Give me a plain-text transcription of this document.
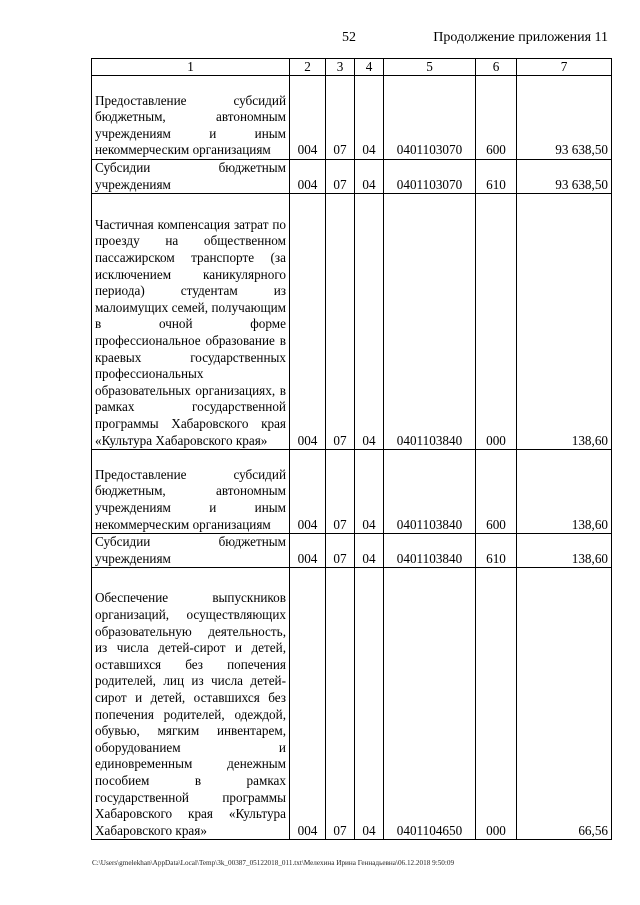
52	Продолжение приложения 11
1	2	3	4	5	6	7
Предоставление субсидий бюджетным, автономным учреждениям и иным некоммерческим организациям	004	07	04	0401103070	600	93 638,50
Субсидии бюджетным учреждениям	004	07	04	0401103070	610	93 638,50
Частичная компенсация затрат по проезду на общественном пассажирском транспорте (за исключением каникулярного периода) студентам из малоимущих семей, получающим в очной форме профессиональное образование в краевых государственных профессиональных образовательных организациях, в рамках государственной программы Хабаровского края «Культура Хабаровского края»	004	07	04	0401103840	000	138,60
Предоставление субсидий бюджетным, автономным учреждениям и иным некоммерческим организациям	004	07	04	0401103840	600	138,60
Субсидии бюджетным учреждениям	004	07	04	0401103840	610	138,60
Обеспечение выпускников организаций, осуществляющих образовательную деятельность, из числа детей-сирот и детей, оставшихся без попечения родителей, лиц из числа детей-сирот и детей, оставшихся без попечения родителей, одеждой, обувью, мягким инвентарем, оборудованием и единовременным денежным пособием в рамках государственной программы Хабаровского края «Культура Хабаровского края»	004	07	04	0401104650	000	66,56
C:\Users\gmelekhan\AppData\Local\Temp\3k_00387_05122018_011.txt\Мелехина Ирина Геннадьевна\06.12.2018 9:50:09
